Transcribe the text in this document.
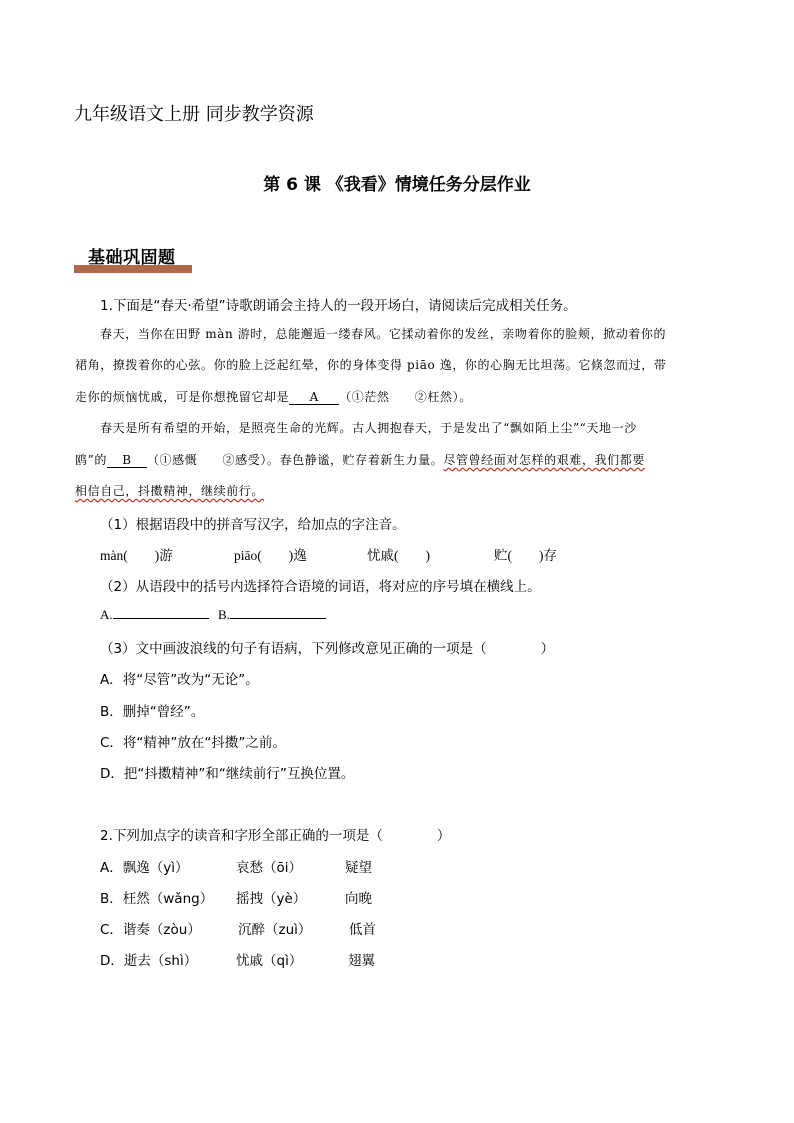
九年级语文上册 同步教学资源
第 6 课 《我看》情境任务分层作业
基础巩固题
1.下面是“春天·希望”诗歌朗诵会主持人的一段开场白，请阅读后完成相关任务。
春天，当你在田野 màn 游时，总能邂逅一缕春风。它揉动着你的发丝，亲吻着你的脸颊，掀动着你的
裙角，撩拨着你的心弦。你的脸上泛起红晕，你的身体变得 piāo 逸，你的心胸无比坦荡。它倏忽而过，带
走你的烦恼忧戚，可是你想挽留它却是 A （①茫然　　②枉然）。
春天是所有希望的开始，是照亮生命的光辉。古人拥抱春天，于是发出了“飘如陌上尘”“天地一沙
鸥”的 B （①感慨　　②感受）。春色静谧，贮存着新生力量。尽管曾经面对怎样的艰难，我们都要
相信自己，抖擞精神，继续前行。
（1）根据语段中的拼音写汉字，给加点的字注音。
màn(　　)游	piāo(　　)逸	忧戚(　　)	贮(　　)存
（2）从语段中的括号内选择符合语境的词语，将对应的序号填在横线上。
A.	B.
（3）文中画波浪线的句子有语病，下列修改意见正确的一项是（　　　　）
A．将“尽管”改为“无论”。
B．删掉“曾经”。
C．将“精神”放在“抖擞”之前。
D．把“抖擞精神”和“继续前行”互换位置。
2.下列加点字的读音和字形全部正确的一项是（　　　　）
A．飘逸（yì）	哀愁（ōi）	疑望
B．枉然（wǎng） 摇拽（yè）	向晚
C．谐奏（zòu）	沉醉（zuì）	低首
D．逝去（shì）	忧戚（qì）	翅翼
